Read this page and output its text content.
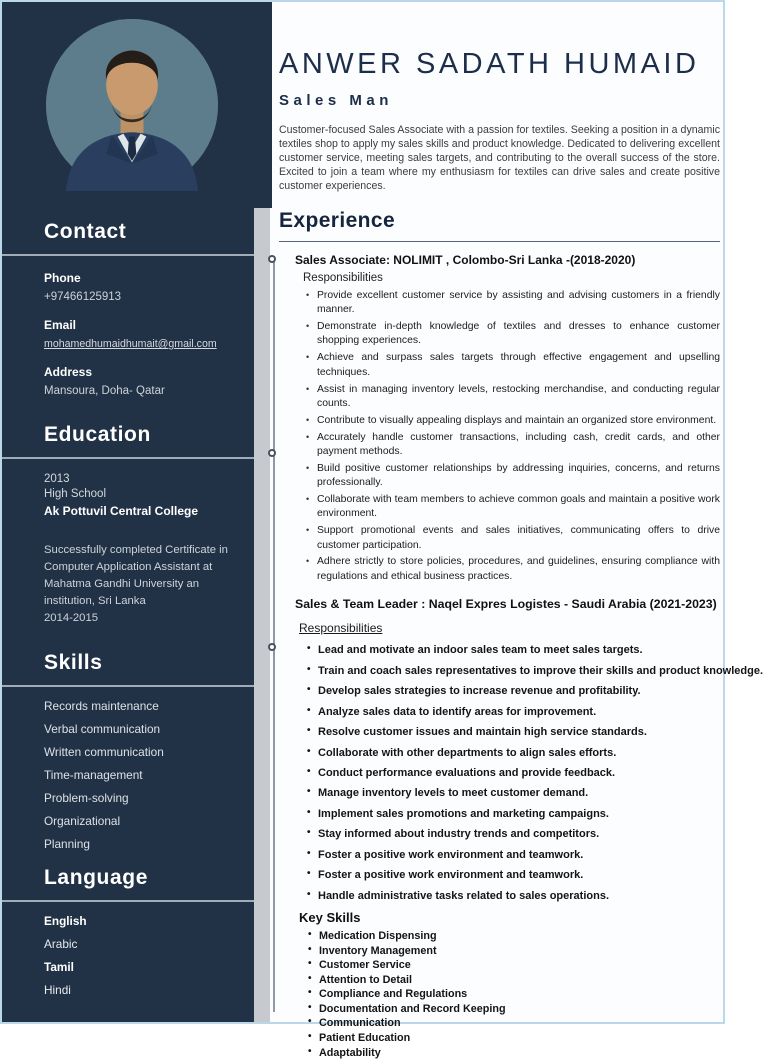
Contact
Phone
+97466125913
Email
mohamedhumaidhumait@gmail.com
Address
Mansoura, Doha- Qatar
Education
2013
High School
Ak Pottuvil Central College
Successfully completed Certificate in Computer Application Assistant at Mahatma Gandhi University an institution, Sri Lanka
2014-2015
Skills
Records maintenance
Verbal communication
Written communication
Time-management
Problem-solving
Organizational
Planning
Language
English
Arabic
Tamil
Hindi
ANWER SADATH HUMAID
Sales Man

Customer-focused Sales Associate with a passion for textiles. Seeking a position in a dynamic textiles shop to apply my sales skills and product knowledge. Dedicated to delivering excellent customer service, meeting sales targets, and contributing to the overall success of the store. Excited to join a team where my enthusiasm for textiles can drive sales and create positive customer experiences.

Experience
Sales Associate: NOLIMIT , Colombo-Sri Lanka -(2018-2020)
Responsibilities
• Provide excellent customer service by assisting and advising customers in a friendly manner.
• Demonstrate in-depth knowledge of textiles and dresses to enhance customer shopping experiences.
• Achieve and surpass sales targets through effective engagement and upselling techniques.
• Assist in managing inventory levels, restocking merchandise, and conducting regular counts.
• Contribute to visually appealing displays and maintain an organized store environment.
• Accurately handle customer transactions, including cash, credit cards, and other payment methods.
• Build positive customer relationships by addressing inquiries, concerns, and returns professionally.
• Collaborate with team members to achieve common goals and maintain a positive work environment.
• Support promotional events and sales initiatives, communicating offers to drive customer participation.
• Adhere strictly to store policies, procedures, and guidelines, ensuring compliance with regulations and ethical business practices.
Sales & Team Leader : Naqel Expres Logistes - Saudi Arabia (2021-2023)
Responsibilities
• Lead and motivate an indoor sales team to meet sales targets.
• Train and coach sales representatives to improve their skills and product knowledge.
• Develop sales strategies to increase revenue and profitability.
• Analyze sales data to identify areas for improvement.
• Resolve customer issues and maintain high service standards.
• Collaborate with other departments to align sales efforts.
• Conduct performance evaluations and provide feedback.
• Manage inventory levels to meet customer demand.
• Implement sales promotions and marketing campaigns.
• Stay informed about industry trends and competitors.
• Foster a positive work environment and teamwork.
• Foster a positive work environment and teamwork.
• Handle administrative tasks related to sales operations.
Key Skills
• Medication Dispensing
• Inventory Management
• Customer Service
• Attention to Detail
• Compliance and Regulations
• Documentation and Record Keeping
• Communication
• Patient Education
• Adaptability
